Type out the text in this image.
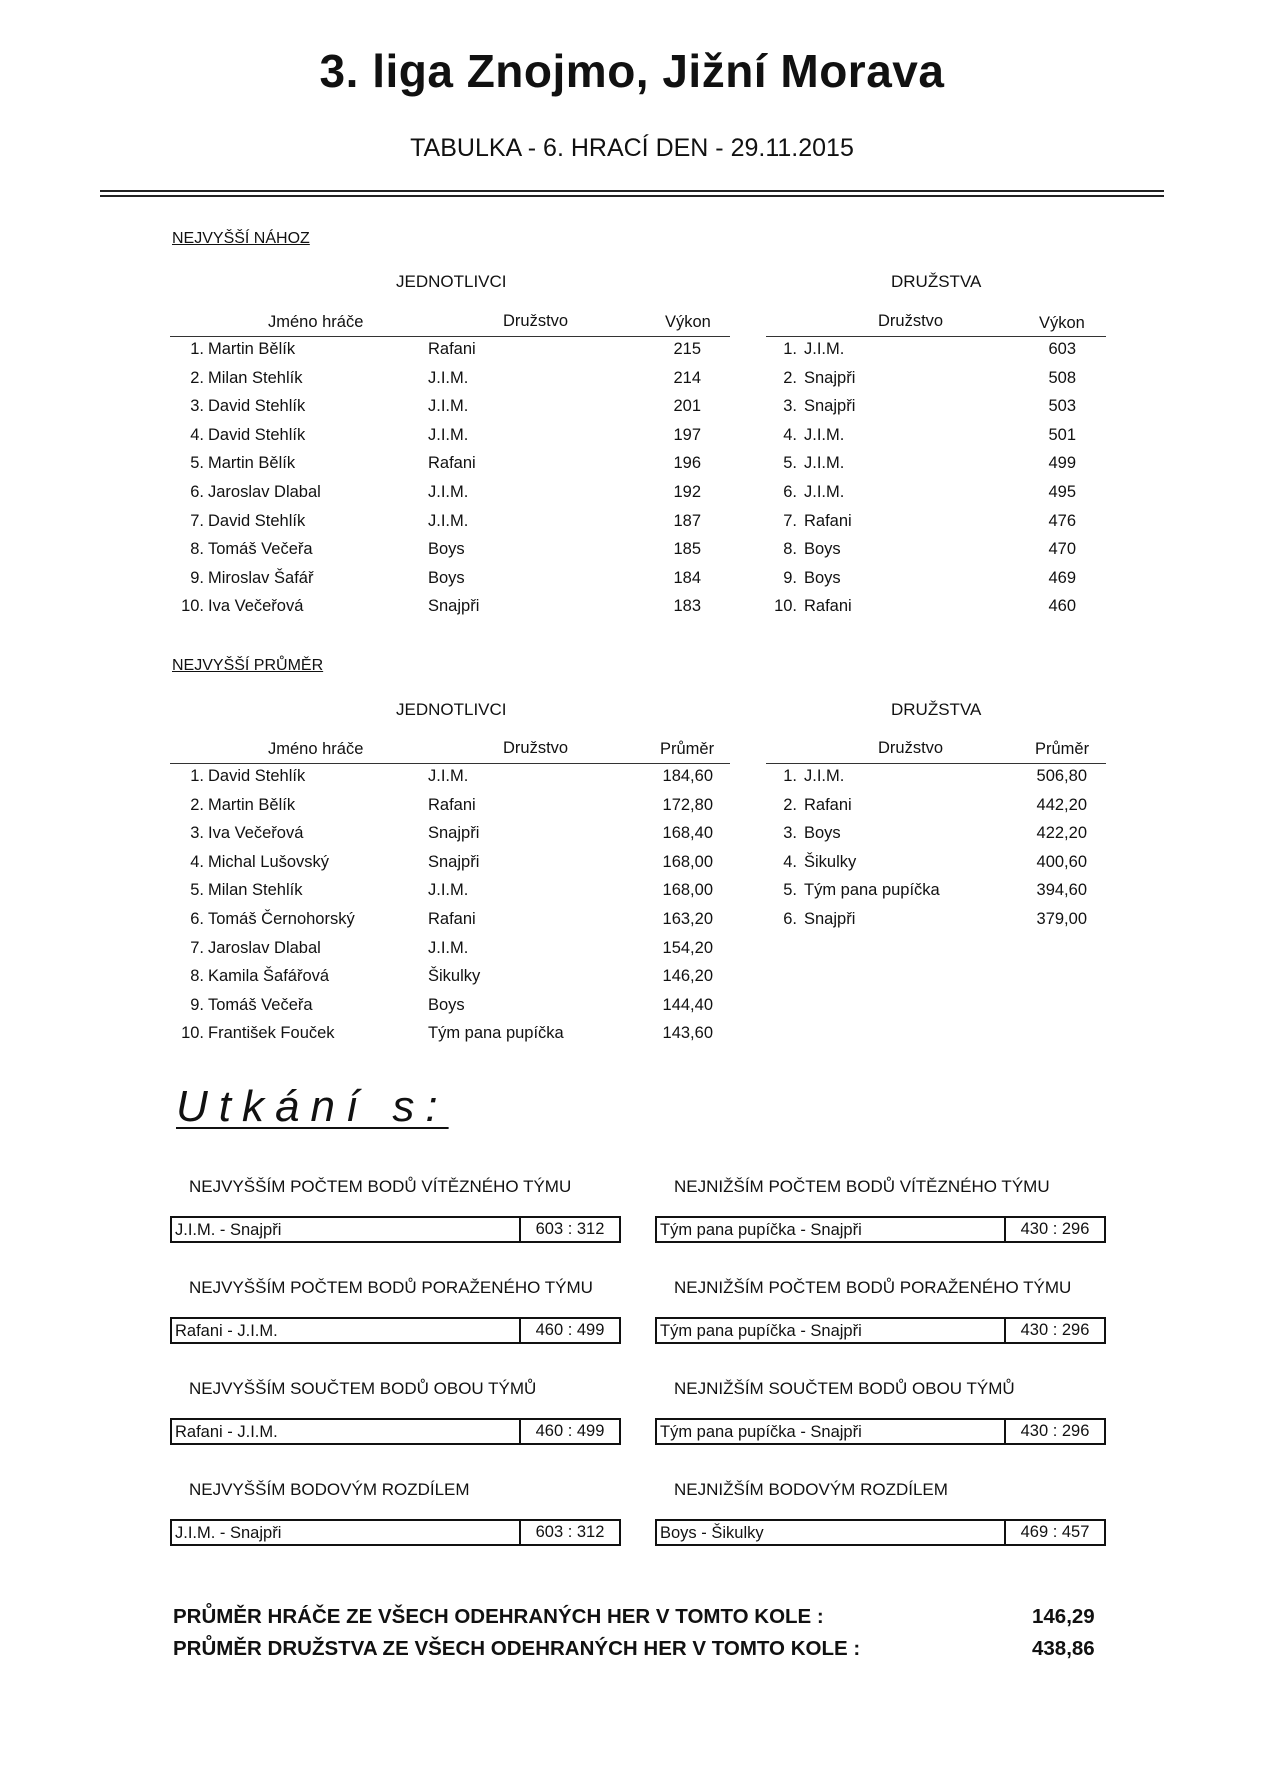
3. liga Znojmo, Jižní Morava
TABULKA - 6. HRACÍ DEN - 29.11.2015
NEJVYŠŠÍ NÁHOZ
JEDNOTLIVCI	DRUŽSTVA
Jméno hráče	Družstvo	Výkon	Družstvo	Výkon
1. Martin Bělík	Rafani	215
2. Milan Stehlík	J.I.M.	214
3. David Stehlík	J.I.M.	201
4. David Stehlík	J.I.M.	197
5. Martin Bělík	Rafani	196
6. Jaroslav Dlabal	J.I.M.	192
7. David Stehlík	J.I.M.	187
8. Tomáš Večeřa	Boys	185
9. Miroslav Šafář	Boys	184
10. Iva Večeřová	Snajpři	183
1. J.I.M.	603
2. Snajpři	508
3. Snajpři	503
4. J.I.M.	501
5. J.I.M.	499
6. J.I.M.	495
7. Rafani	476
8. Boys	470
9. Boys	469
10. Rafani	460
NEJVYŠŠÍ PRŮMĚR
JEDNOTLIVCI	DRUŽSTVA
Jméno hráče	Družstvo	Průměr	Družstvo	Průměr
1. David Stehlík	J.I.M.	184,60
2. Martin Bělík	Rafani	172,80
3. Iva Večeřová	Snajpři	168,40
4. Michal Lušovský	Snajpři	168,00
5. Milan Stehlík	J.I.M.	168,00
6. Tomáš Černohorský	Rafani	163,20
7. Jaroslav Dlabal	J.I.M.	154,20
8. Kamila Šafářová	Šikulky	146,20
9. Tomáš Večeřa	Boys	144,40
10. František Fouček	Tým pana pupíčka	143,60
1. J.I.M.	506,80
2. Rafani	442,20
3. Boys	422,20
4. Šikulky	400,60
5. Tým pana pupíčka	394,60
6. Snajpři	379,00
Utkání s:
NEJVYŠŠÍM POČTEM BODŮ VÍTĚZNÉHO TÝMU
J.I.M. - Snajpři	603 : 312
NEJNIŽŠÍM POČTEM BODŮ VÍTĚZNÉHO TÝMU
Tým pana pupíčka - Snajpři	430 : 296
NEJVYŠŠÍM POČTEM BODŮ PORAŽENÉHO TÝMU
Rafani - J.I.M.	460 : 499
NEJNIŽŠÍM POČTEM BODŮ PORAŽENÉHO TÝMU
Tým pana pupíčka - Snajpři	430 : 296
NEJVYŠŠÍM SOUČTEM BODŮ OBOU TÝMŮ
Rafani - J.I.M.	460 : 499
NEJNIŽŠÍM SOUČTEM BODŮ OBOU TÝMŮ
Tým pana pupíčka - Snajpři	430 : 296
NEJVYŠŠÍM BODOVÝM ROZDÍLEM
J.I.M. - Snajpři	603 : 312
NEJNIŽŠÍM BODOVÝM ROZDÍLEM
Boys - Šikulky	469 : 457
PRŮMĚR HRÁČE ZE VŠECH ODEHRANÝCH HER V TOMTO KOLE :	146,29
PRŮMĚR DRUŽSTVA ZE VŠECH ODEHRANÝCH HER V TOMTO KOLE :	438,86
